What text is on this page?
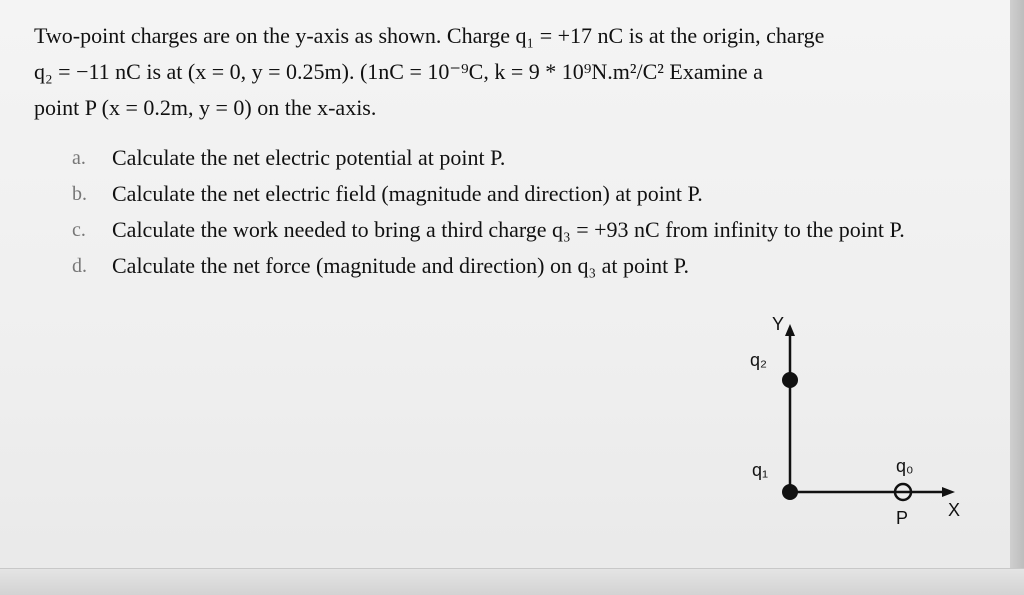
Two-point charges are on the y-axis as shown. Charge q₁ = +17 nC is at the origin, charge

q₂ = −11 nC is at (x = 0, y = 0.25m). (1nC = 10⁻⁹C, k = 9 * 10⁹N.m²/C² Examine a

point P (x = 0.2m, y = 0) on the x-axis.

a.	Calculate the net electric potential at point P.
b.	Calculate the net electric field (magnitude and direction) at point P.
c.	Calculate the work needed to bring a third charge q₃ = +93 nC from infinity to the point P.
d.	Calculate the net force (magnitude and direction) on q₃ at point P.
Y
X
q₂
q₁	q₀
P
